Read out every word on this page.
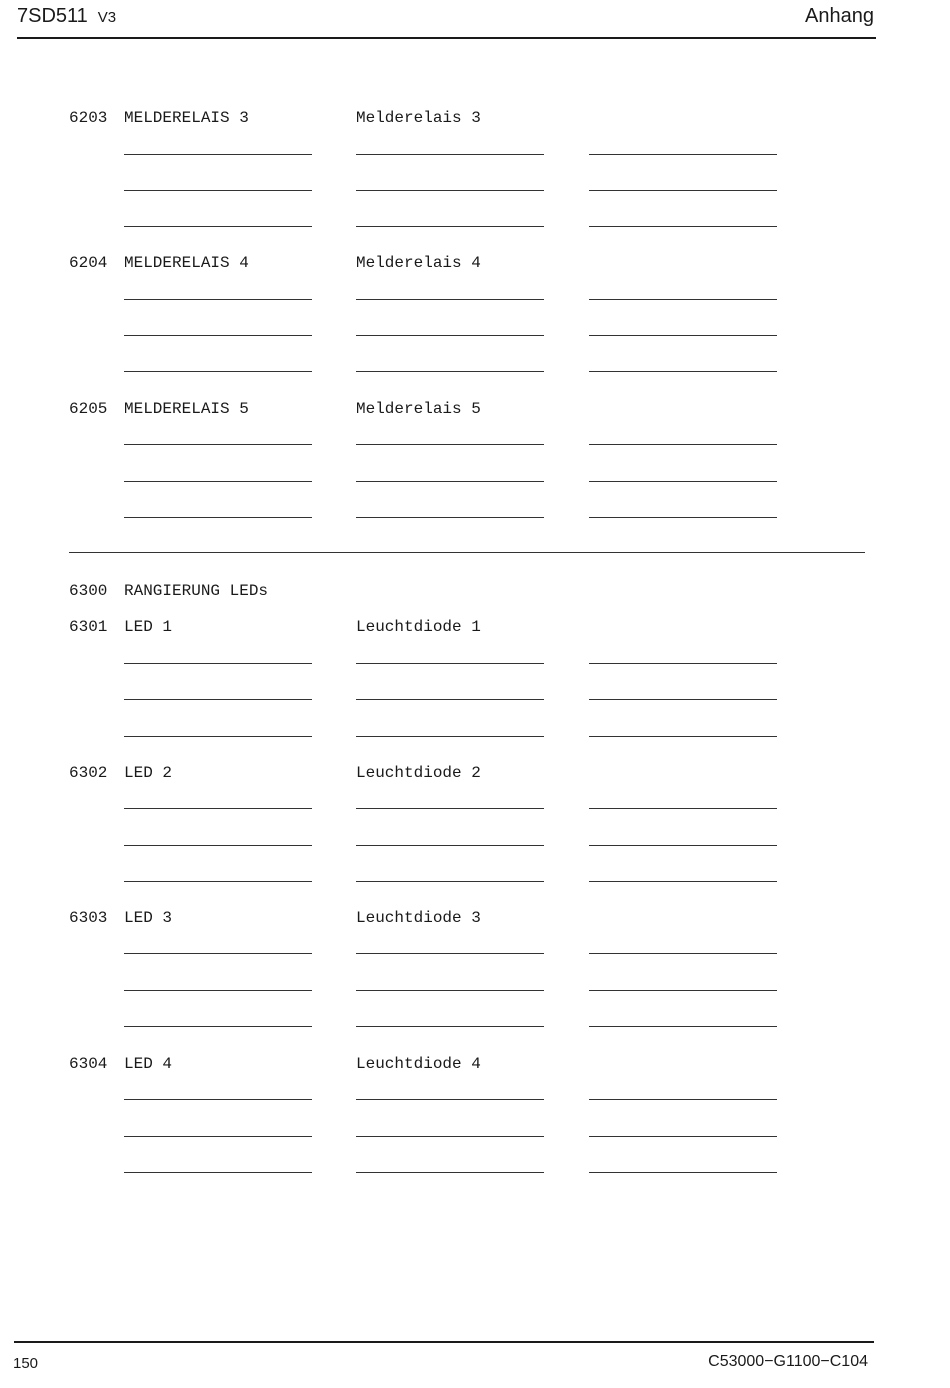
7SD511 V3	Anhang
6203 MELDERELAIS 3	Melderelais 3
6204 MELDERELAIS 4	Melderelais 4
6205 MELDERELAIS 5	Melderelais 5
6300 RANGIERUNG LEDs
6301 LED 1	Leuchtdiode 1
6302 LED 2	Leuchtdiode 2
6303 LED 3	Leuchtdiode 3
6304 LED 4	Leuchtdiode 4
150	C53000−G1100−C104
